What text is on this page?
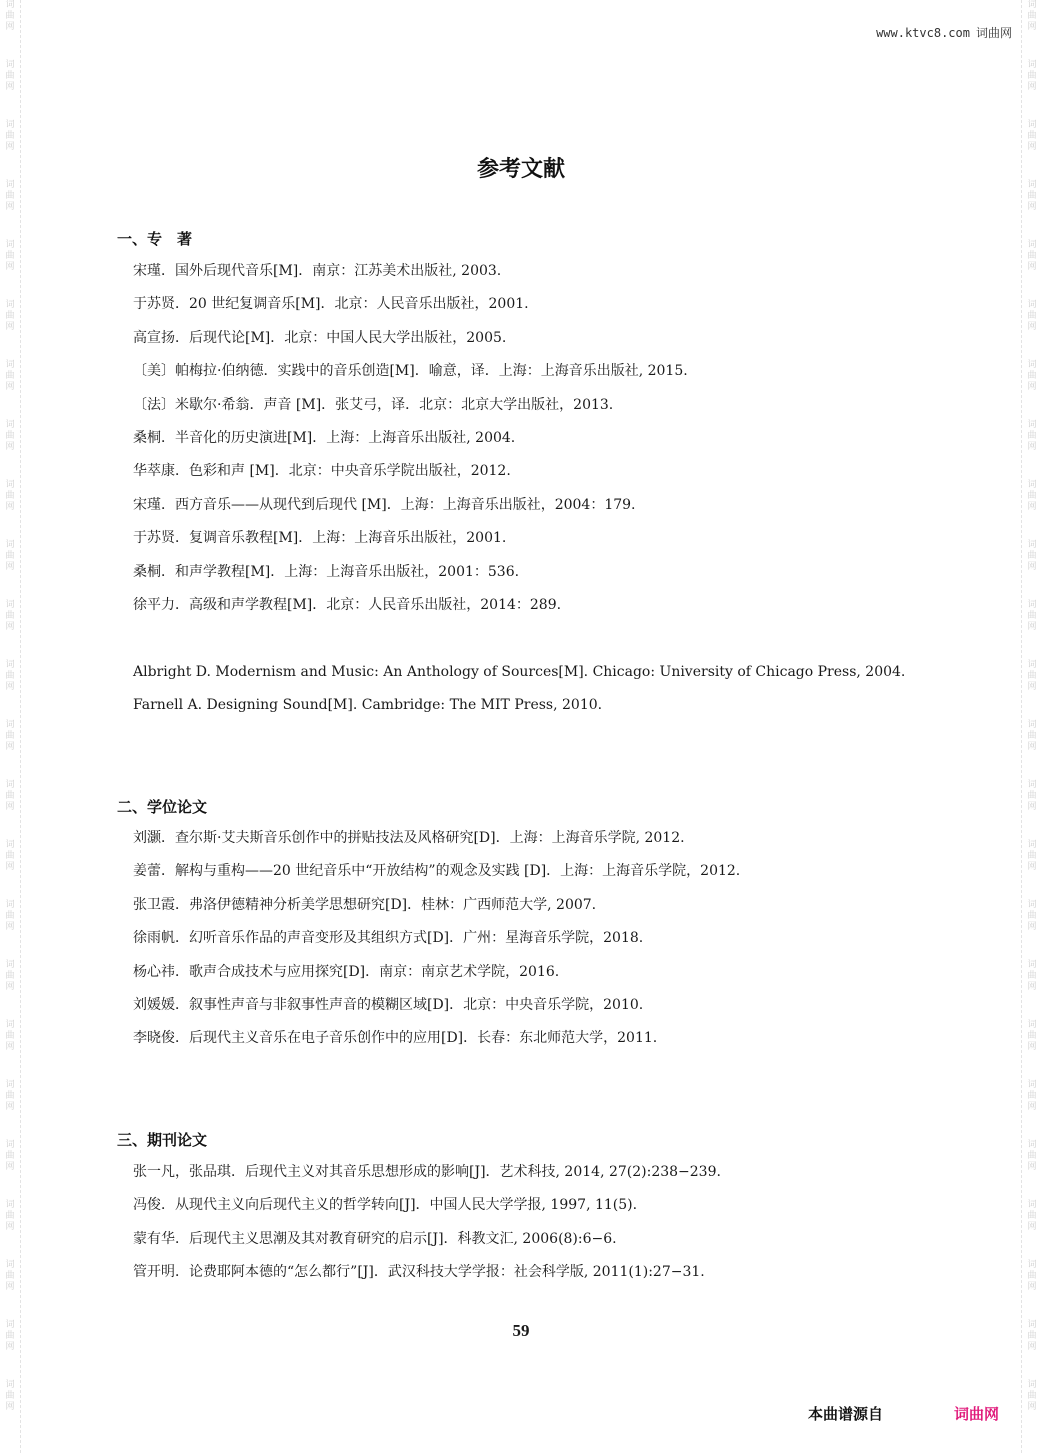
词曲网
词曲网
词曲网
词曲网
词曲网
词曲网
词曲网
词曲网
词曲网
词曲网
词曲网
词曲网
词曲网
词曲网
词曲网
词曲网
词曲网
词曲网
词曲网
词曲网
词曲网
词曲网
词曲网
词曲网
词曲网
词曲网
词曲网
词曲网
词曲网
词曲网
词曲网
词曲网
词曲网
词曲网
词曲网
词曲网
词曲网
词曲网
词曲网
词曲网
词曲网
词曲网
词曲网
词曲网
词曲网
词曲网
词曲网
词曲网
www.ktvc8.com 词曲网
参考文献
一、专　著
宋瑾．国外后现代音乐[M]．南京：江苏美术出版社, 2003.
于苏贤．20 世纪复调音乐[M]．北京：人民音乐出版社，2001.
高宣扬．后现代论[M]．北京：中国人民大学出版社，2005.
〔美〕帕梅拉·伯纳德．实践中的音乐创造[M]．喻意，译．上海：上海音乐出版社, 2015.
〔法〕米歇尔·希翁．声音 [M]．张艾弓，译．北京：北京大学出版社，2013.
桑桐．半音化的历史演进[M]．上海：上海音乐出版社, 2004.
华萃康．色彩和声 [M]．北京：中央音乐学院出版社，2012.
宋瑾．西方音乐——从现代到后现代 [M]．上海：上海音乐出版社，2004：179.
于苏贤．复调音乐教程[M]．上海：上海音乐出版社，2001.
桑桐．和声学教程[M]．上海：上海音乐出版社，2001：536.
徐平力．高级和声学教程[M]．北京：人民音乐出版社，2014：289.
Albright D. Modernism and Music: An Anthology of Sources[M]. Chicago: University of Chicago Press, 2004.
Farnell A. Designing Sound[M]. Cambridge: The MIT Press, 2010.
二、学位论文
刘灏．查尔斯·艾夫斯音乐创作中的拼贴技法及风格研究[D]．上海：上海音乐学院, 2012.
姜蕾．解构与重构——20 世纪音乐中“开放结构”的观念及实践 [D]．上海：上海音乐学院，2012.
张卫霞．弗洛伊德精神分析美学思想研究[D]．桂林：广西师范大学, 2007.
徐雨帆．幻听音乐作品的声音变形及其组织方式[D]．广州：星海音乐学院，2018.
杨心祎．歌声合成技术与应用探究[D]．南京：南京艺术学院，2016.
刘媛媛．叙事性声音与非叙事性声音的模糊区域[D]．北京：中央音乐学院，2010.
李晓俊．后现代主义音乐在电子音乐创作中的应用[D]．长春：东北师范大学，2011.
三、期刊论文
张一凡，张品琪．后现代主义对其音乐思想形成的影响[J]．艺术科技, 2014, 27(2):238−239.
冯俊．从现代主义向后现代主义的哲学转向[J]．中国人民大学学报, 1997, 11(5).
蒙有华．后现代主义思潮及其对教育研究的启示[J]．科教文汇, 2006(8):6−6.
管开明．论费耶阿本德的“怎么都行”[J]．武汉科技大学学报：社会科学版, 2011(1):27−31.
59
本曲谱源自	词曲网
